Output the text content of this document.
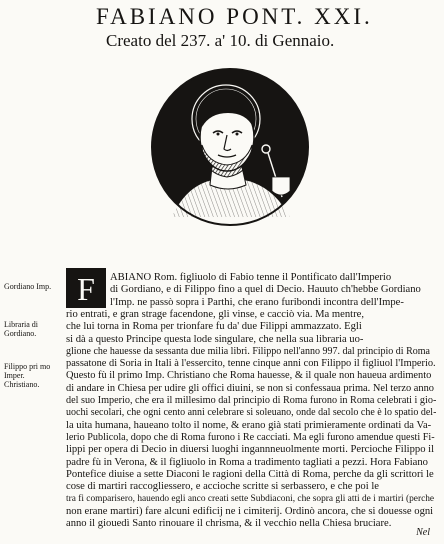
FABIANO PONT. XXI.
Creato del 237. a' 10. di Gennaio.
Gordiano Imp.
Libraria di Gordiano.
Filippo pri mo Imper. Christiano.
F ABIANO Rom. figliuolo di Fabio tenne il Pontificato dall'Imperio
di Gordiano, e di Filippo fino a quel di Decio. Hauuto ch'hebbe Gordiano
l'Imp. ne passò sopra i Parthi, che erano furibondi incontra dell'Impe-
rio entrati, e gran strage facendone, gli vinse, e cacciò via. Ma mentre,
che lui torna in Roma per trionfare fu da' due Filippi ammazzato. Egli
si dà a questo Principe questa lode singulare, che nella sua libraria uo-
glione che hauesse da sessanta due milia libri. Filippo nell'anno 997. dal principio di Roma
passatone di Soria in Itali à l'essercito, tenne cinque anni con Filippo il figliuol l'Imperio.
Questo fù il primo Imp. Christiano che Roma hauesse, & il quale non haueua ardimento
di andare in Chiesa per udire gli offici diuini, se non si confessaua prima. Nel terzo anno
del suo Imperio, che era il millesimo dal principio di Roma furono in Roma celebrati i gio-
uochi secolari, che ogni cento anni celebrare si soleuano, onde dal secolo che è lo spatio del-
la uita humana, haueano tolto il nome, & erano già stati primieramente ordinati da Va-
lerio Publicola, dopo che di Roma furono i Re cacciati. Ma egli furono amendue questi Fi-
lippi per opera di Decio in diuersi luoghi ingannneuolmente morti. Percioche Filippo il
padre fù in Verona, & il figliuolo in Roma a tradimento tagliati a pezzi. Hora Fabiano
Pontefice diuise a sette Diaconi le ragioni della Città di Roma, perche da gli scrittori le
cose di martiri raccogliessero, e accioche scritte si serbassero, e che poi le
tra fi comparisero, hauendo egli anco creati sette Subdiaconi, che sopra gli atti de i martiri (perche
non erane martiri) fare alcuni edificij ne i cimiterij. Ordinò ancora, che si douesse ogni
anno il giouedì Santo rinouare il chrisma, & il vecchio nella Chiesa bruciare.
Nel
